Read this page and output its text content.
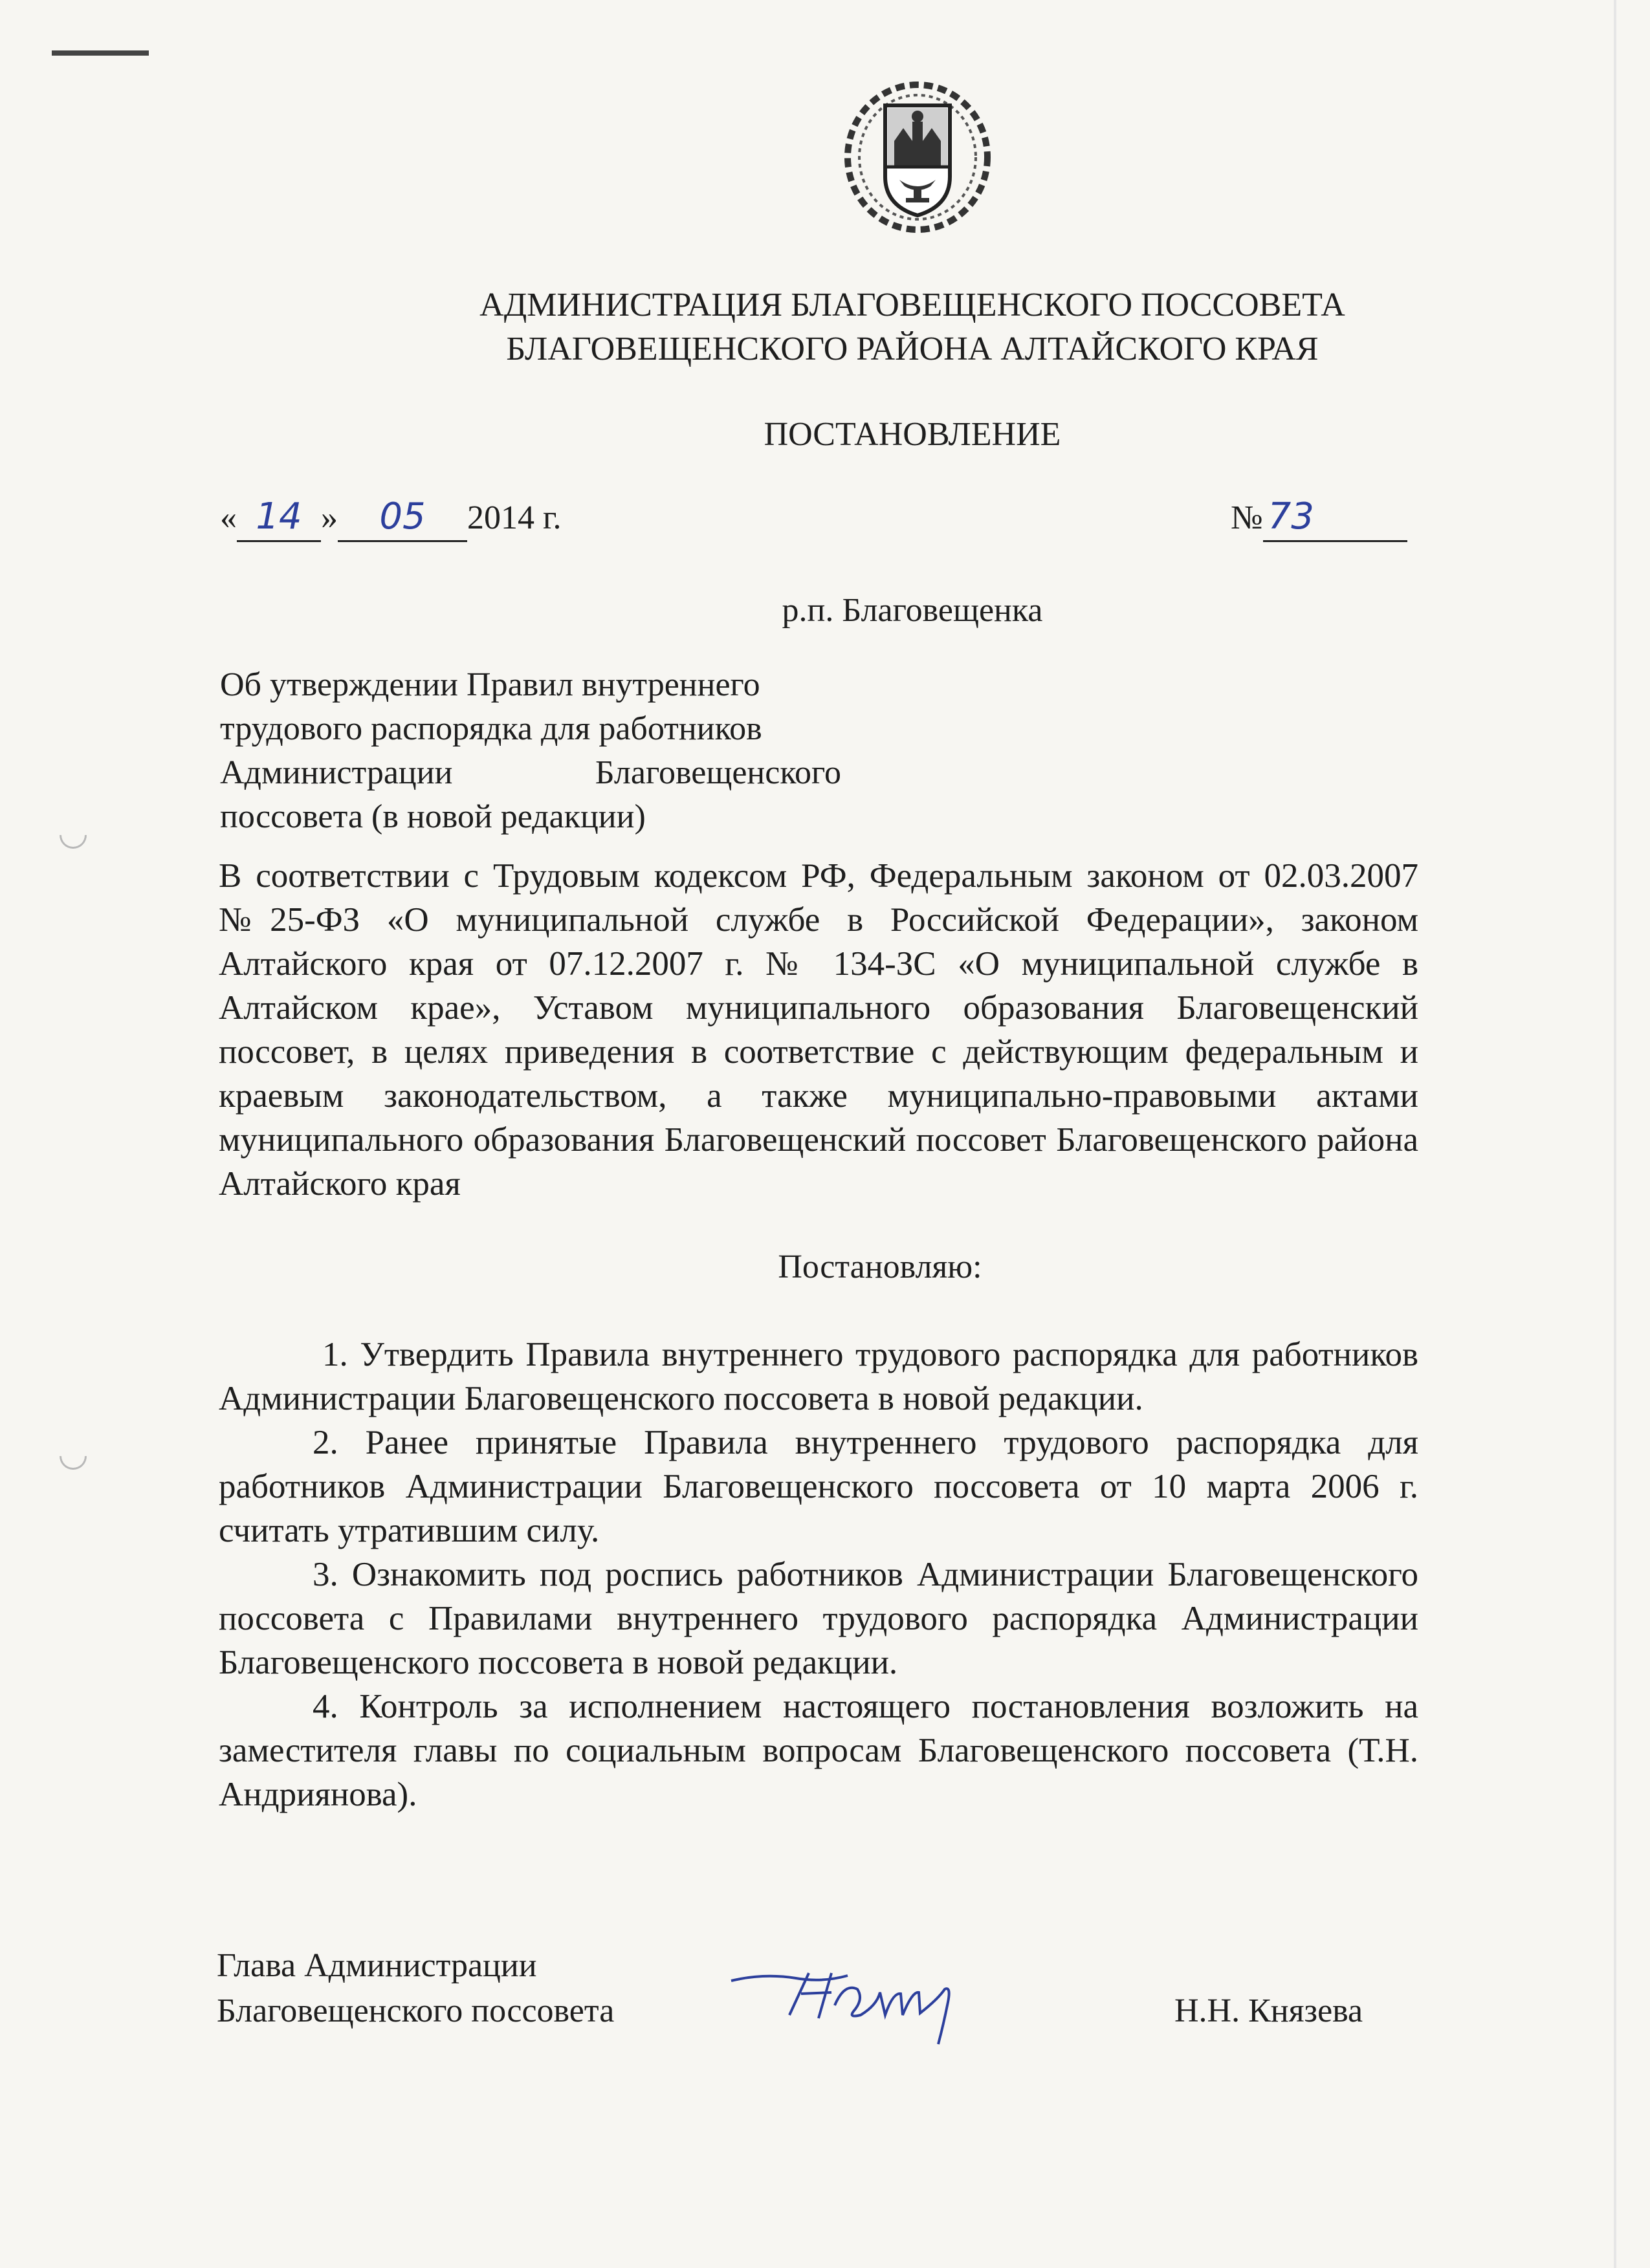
АДМИНИСТРАЦИЯ БЛАГОВЕЩЕНСКОГО ПОССОВЕТА
БЛАГОВЕЩЕНСКОГО РАЙОНА АЛТАЙСКОГО КРАЯ
ПОСТАНОВЛЕНИЕ
« 14 » 05 2014 г.	№ 73
р.п. Благовещенка
Об утверждении Правил внутреннего
трудового распорядка для работников
Администрации	Благовещенского
поссовета (в новой редакции)

В соответствии с Трудовым кодексом РФ, Федеральным законом от 02.03.2007 №25-ФЗ «О муниципальной службе в Российской Федерации», законом Алтайского края от 07.12.2007 г. № 134-ЗС «О муниципальной службе в Алтайском крае», Уставом муниципального образования Благовещенский поссовет, в целях приведения в соответствие с действующим федеральным и краевым законодательством, а также муниципально-правовыми актами муниципального образования Благовещенский поссовет Благовещенского района Алтайского края

Постановляю:

1. Утвердить Правила внутреннего трудового распорядка для работников Администрации Благовещенского поссовета в новой редакции.

2. Ранее принятые Правила внутреннего трудового распорядка для работников Администрации Благовещенского поссовета от 10 марта 2006 г. считать утратившим силу.

3. Ознакомить под роспись работников Администрации Благовещенского поссовета с Правилами внутреннего трудового распорядка Администрации Благовещенского поссовета в новой редакции.

4. Контроль за исполнением настоящего постановления возложить на заместителя главы по социальным вопросам Благовещенского поссовета (Т.Н. Андриянова).

Глава Администрации
Благовещенского поссовета	Н.Н. Князева
